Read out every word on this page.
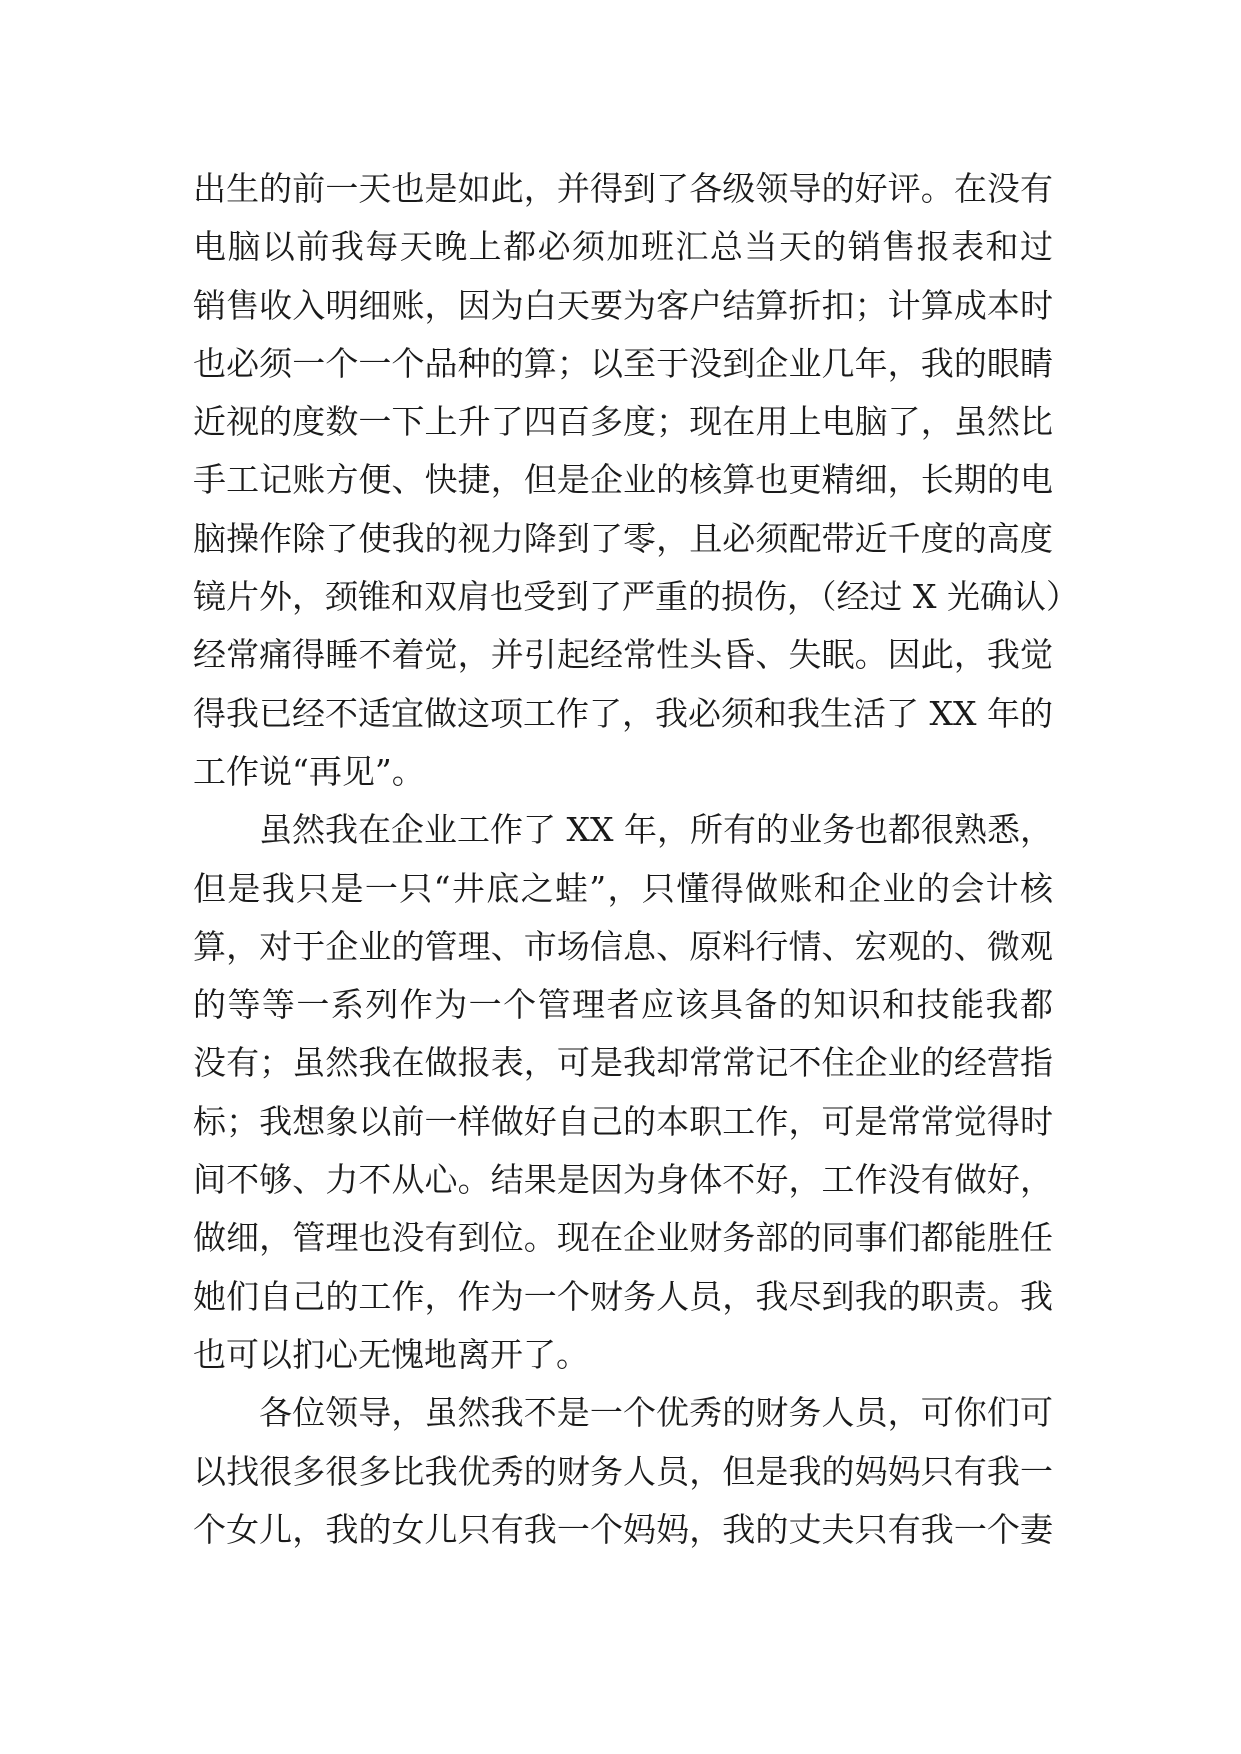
出生的前一天也是如此，并得到了各级领导的好评。在没有
电脑以前我每天晚上都必须加班汇总当天的销售报表和过
销售收入明细账，因为白天要为客户结算折扣；计算成本时
也必须一个一个品种的算；以至于没到企业几年，我的眼睛
近视的度数一下上升了四百多度；现在用上电脑了，虽然比
手工记账方便、快捷，但是企业的核算也更精细，长期的电
脑操作除了使我的视力降到了零，且必须配带近千度的高度
镜片外，颈锥和双肩也受到了严重的损伤，（经过 X 光确认）
经常痛得睡不着觉，并引起经常性头昏、失眠。因此，我觉
得我已经不适宜做这项工作了，我必须和我生活了 XX 年的
工作说“再见”。
虽然我在企业工作了 XX 年，所有的业务也都很熟悉，
但是我只是一只“井底之蛙”，只懂得做账和企业的会计核
算，对于企业的管理、市场信息、原料行情、宏观的、微观
的等等一系列作为一个管理者应该具备的知识和技能我都
没有；虽然我在做报表，可是我却常常记不住企业的经营指
标；我想象以前一样做好自己的本职工作，可是常常觉得时
间不够、力不从心。结果是因为身体不好，工作没有做好，
做细，管理也没有到位。现在企业财务部的同事们都能胜任
她们自己的工作，作为一个财务人员，我尽到我的职责。我
也可以扪心无愧地离开了。
各位领导，虽然我不是一个优秀的财务人员，可你们可
以找很多很多比我优秀的财务人员，但是我的妈妈只有我一
个女儿，我的女儿只有我一个妈妈，我的丈夫只有我一个妻
